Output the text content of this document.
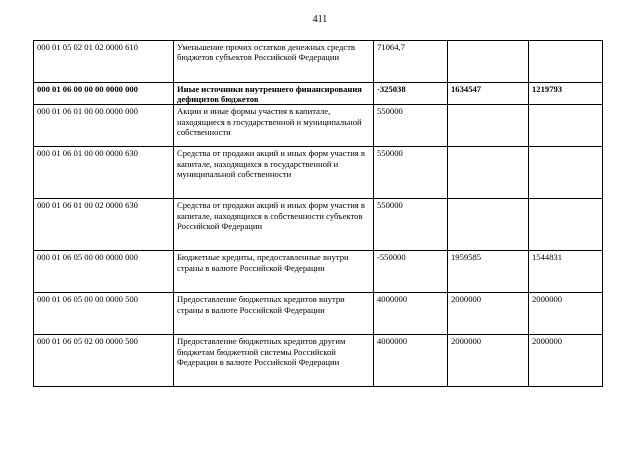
411
000 01 05 02 01 02 0000 610	Уменьшение прочих остатков денежных средств бюджетов субъектов Российской Федерации	71064,7		
000 01 06 00 00 00 0000 000	Иные источники внутреннего финансирования дефицитов бюджетов	-325038	1634547	1219793
000 01 06 01 00 00 0000 000	Акции и иные формы участия в капитале, находящиеся в государственной и муниципальной собственности	550000		
000 01 06 01 00 00 0000 630	Средства от продажи акций и иных форм участия в капитале, находящихся в государственной и муниципальной собственности	550000		
000 01 06 01 00 02 0000 630	Средства от продажи акций и иных форм участия в капитале, находящихся в собственности субъектов Российской Федерации	550000		
000 01 06 05 00 00 0000 000	Бюджетные кредиты, предоставленные внутри страны в валюте Российской Федерации	-550000	1959585	1544831
000 01 06 05 00 00 0000 500	Предоставление бюджетных кредитов внутри страны в валюте Российской Федерации	4000000	2000000	2000000
000 01 06 05 02 00 0000 500	Предоставление бюджетных кредитов другим бюджетам бюджетной системы Российской Федерации в валюте Российской Федерации	4000000	2000000	2000000
